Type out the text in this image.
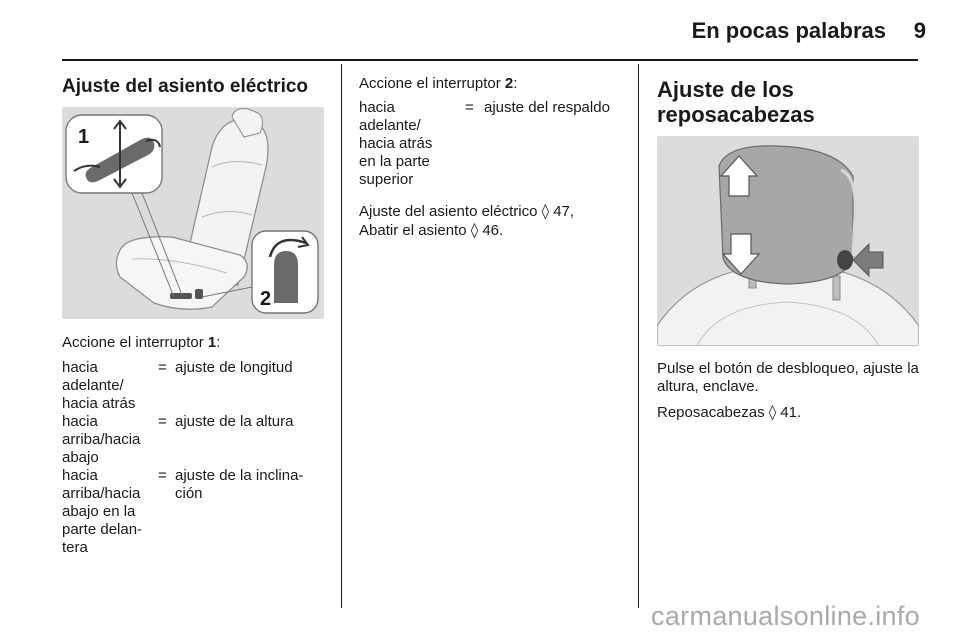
En pocas palabras 9
Ajuste del asiento eléctrico
1
2
Accione el interruptor 1:
hacia adelante/ hacia atrás
= ajuste de longitud
hacia arriba/hacia abajo
= ajuste de la altura
hacia arriba/hacia abajo en la parte delan- tera
= ajuste de la inclina- ción
Accione el interruptor 2:
hacia adelante/ hacia atrás en la parte superior
= ajuste del respaldo
Ajuste del asiento eléctrico ◊ 47,
Abatir el asiento ◊ 46.
Ajuste de los
reposacabezas
Pulse el botón de desbloqueo, ajuste la altura, enclave.
Reposacabezas ◊ 41.
carmanualsonline.info
